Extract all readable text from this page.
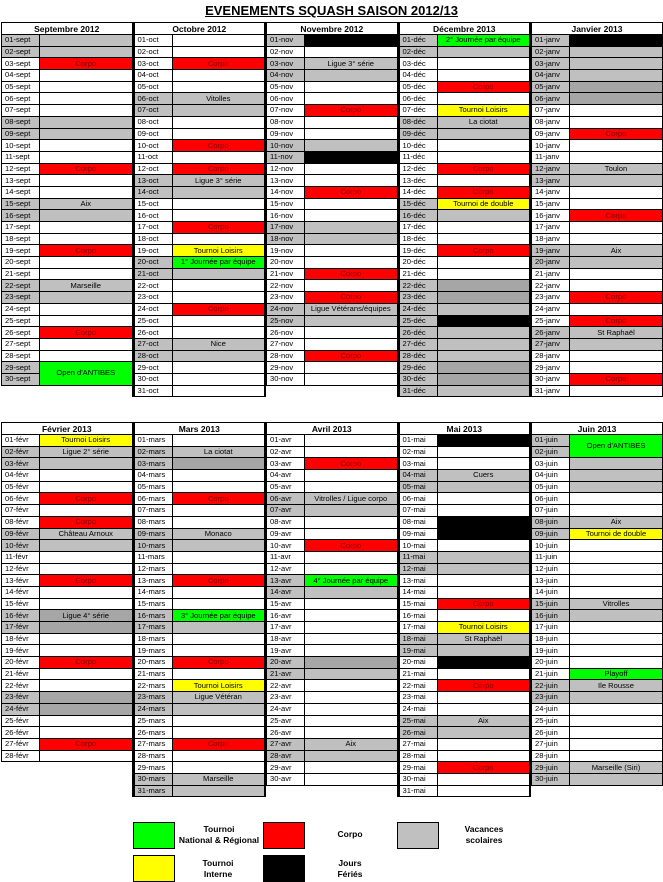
EVENEMENTS SQUASH SAISON 2012/13
Septembre 2012			Octobre 2012		Novembre 2012			Décembre 2013		Janvier 2013	
01-sept			01-oct			01-nov			01-déc	2° Journée par équipe		01-janv	
02-sept			02-oct			02-nov			02-déc			02-janv	
03-sept	Corpo		03-oct	Corpo		03-nov	Ligue 3° série		03-déc			03-janv	
04-sept			04-oct			04-nov			04-déc			04-janv	
05-sept			05-oct			05-nov			05-déc	Corpo		05-janv	
06-sept			06-oct	Vitolles		06-nov			06-déc			06-janv	
07-sept			07-oct			07-nov	Corpo		07-déc	Tournoi Loisirs		07-janv	
08-sept			08-oct			08-nov			08-déc	La ciotat		08-janv	
09-sept			09-oct			09-nov			09-déc			09-janv	Corpo
10-sept			10-oct	Corpo		10-nov			10-déc			10-janv	
11-sept			11-oct			11-nov			11-déc			11-janv	
12-sept	Corpo		12-oct	Corpo		12-nov			12-déc	Corpo		12-janv	Toulon
13-sept			13-oct	Ligue 3° série		13-nov			13-déc			13-janv	
14-sept			14-oct			14-nov	Corpo		14-déc	Corpo		14-janv	
15-sept	Aix		15-oct			15-nov			15-déc	Tournoi de double		15-janv	
16-sept			16-oct			16-nov			16-déc			16-janv	Corpo
17-sept			17-oct	Corpo		17-nov			17-déc			17-janv	
18-sept			18-oct			18-nov			18-déc			18-janv	
19-sept	Corpo		19-oct	Tournoi Loisirs		19-nov			19-déc	Corpo		19-janv	Aix
20-sept			20-oct	1° Journée par équipe		20-nov			20-déc			20-janv	
21-sept			21-oct			21-nov	Corpo		21-déc			21-janv	
22-sept	Marseille		22-oct			22-nov			22-déc			22-janv	
23-sept			23-oct			23-nov	Corpo		23-déc			23-janv	Corpo
24-sept			24-oct	Corpo		24-nov	Ligue Vétérans/équipes		24-déc			24-janv	
25-sept			25-oct			25-nov			25-déc			25-janv	Corpo
26-sept	Corpo		26-oct			26-nov			26-déc			26-janv	St Raphaël
27-sept			27-oct	Nice		27-nov			27-déc			27-janv	
28-sept			28-oct			28-nov	Corpo		28-déc			28-janv	
29-sept	Open d'ANTIBES		29-oct			29-nov			29-déc			29-janv	
30-sept			30-oct			30-nov			30-déc			30-janv	Corpo
			31-oct						31-déc			31-janv	
Février 2013			Mars 2013		Avril 2013			Mai 2013		Juin 2013	
01-févr	Tournoi Loisirs		01-mars			01-avr			01-mai			01-juin	Open d'ANTIBES
02-févr	Ligue 2° série		02-mars	La ciotat		02-avr			02-mai			02-juin	
03-févr			03-mars			03-avr	Corpo		03-mai			03-juin	
04-févr			04-mars			04-avr			04-mai	Cuers		04-juin	
05-févr			05-mars			05-avr			05-mai			05-juin	
06-févr	Corpo		06-mars	Corpo		06-avr	Vitrolles / Ligue corpo		06-mai			06-juin	
07-févr			07-mars			07-avr			07-mai			07-juin	
08-févr	Corpo		08-mars			08-avr			08-mai			08-juin	Aix
09-févr	Château Arnoux		09-mars	Monaco		09-avr			09-mai		09-juin	Tournoi de double
10-févr			10-mars			10-avr	Corpo		10-mai			10-juin	
11-févr			11-mars			11-avr			11-mai			11-juin	
12-févr			12-mars			12-avr			12-mai			12-juin	
13-févr	Corpo		13-mars	Corpo		13-avr	4° Journée par équipe		13-mai			13-juin	
14-févr			14-mars			14-avr			14-mai			14-juin	
15-févr			15-mars			15-avr			15-mai	Corpo		15-juin	Vitrolles
16-févr	Ligue 4° série		16-mars	3° Journée par équipe		16-avr			16-mai			16-juin	
17-févr			17-mars			17-avr			17-mai	Tournoi Loisirs		17-juin	
18-févr			18-mars			18-avr			18-mai	St Raphaël		18-juin	
19-févr			19-mars			19-avr			19-mai			19-juin	
20-févr	Corpo		20-mars	Corpo		20-avr			20-mai			20-juin	
21-févr			21-mars			21-avr			21-mai			21-juin	Playoff
22-févr			22-mars	Tournoi Loisirs		22-avr			22-mai	Corpo		22-juin	Ile Rousse
23-févr			23-mars	Ligue Vétéran		23-avr			23-mai			23-juin	
24-févr			24-mars			24-avr			24-mai			24-juin	
25-févr			25-mars			25-avr			25-mai	Aix		25-juin	
26-févr			26-mars			26-avr			26-mai			26-juin	
27-févr	Corpo		27-mars	Corpo		27-avr	Aix		27-mai			27-juin	
28-févr			28-mars			28-avr			28-mai			28-juin	
			29-mars			29-avr			29-mai	Corpo		29-juin	Marseille (Siri)
			30-mars	Marseille		30-avr			30-mai			30-juin	
			31-mars						31-mai				
Tournoi
National & Régional
Corpo	Vacances
scolaires
Tournoi
Interne
Jours
Fériés
